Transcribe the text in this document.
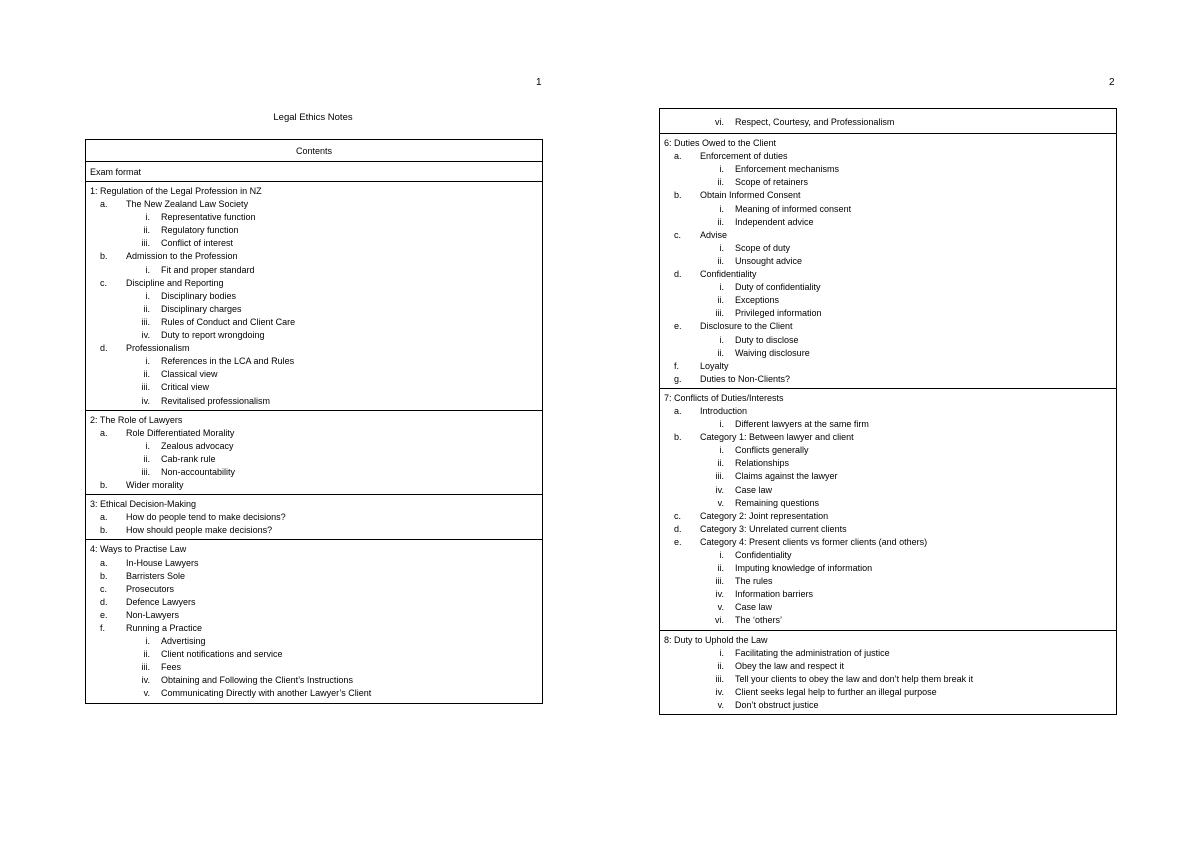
1
Legal Ethics Notes
Contents
Exam format
1: Regulation of the Legal Profession in NZ
a. The New Zealand Law Society
i. Representative function
ii. Regulatory function
iii. Conflict of interest
b. Admission to the Profession
i. Fit and proper standard
c. Discipline and Reporting
i. Disciplinary bodies
ii. Disciplinary charges
iii. Rules of Conduct and Client Care
iv. Duty to report wrongdoing
d. Professionalism
i. References in the LCA and Rules
ii. Classical view
iii. Critical view
iv. Revitalised professionalism
2: The Role of Lawyers
a. Role Differentiated Morality
i. Zealous advocacy
ii. Cab-rank rule
iii. Non-accountability
b. Wider morality
3: Ethical Decision-Making
a. How do people tend to make decisions?
b. How should people make decisions?
4: Ways to Practise Law
a. In-House Lawyers
b. Barristers Sole
c. Prosecutors
d. Defence Lawyers
e. Non-Lawyers
f. Running a Practice
i. Advertising
ii. Client notifications and service
iii. Fees
iv. Obtaining and Following the Client’s Instructions
v. Communicating Directly with another Lawyer’s Client
2
vi. Respect, Courtesy, and Professionalism
6: Duties Owed to the Client
a. Enforcement of duties
i. Enforcement mechanisms
ii. Scope of retainers
b. Obtain Informed Consent
i. Meaning of informed consent
ii. Independent advice
c. Advise
i. Scope of duty
ii. Unsought advice
d. Confidentiality
i. Duty of confidentiality
ii. Exceptions
iii. Privileged information
e. Disclosure to the Client
i. Duty to disclose
ii. Waiving disclosure
f. Loyalty
g. Duties to Non-Clients?
7: Conflicts of Duties/Interests
a. Introduction
i. Different lawyers at the same firm
b. Category 1: Between lawyer and client
i. Conflicts generally
ii. Relationships
iii. Claims against the lawyer
iv. Case law
v. Remaining questions
c. Category 2: Joint representation
d. Category 3: Unrelated current clients
e. Category 4: Present clients vs former clients (and others)
i. Confidentiality
ii. Imputing knowledge of information
iii. The rules
iv. Information barriers
v. Case law
vi. The ‘others’
8: Duty to Uphold the Law
i. Facilitating the administration of justice
ii. Obey the law and respect it
iii. Tell your clients to obey the law and don’t help them break it
iv. Client seeks legal help to further an illegal purpose
v. Don’t obstruct justice
